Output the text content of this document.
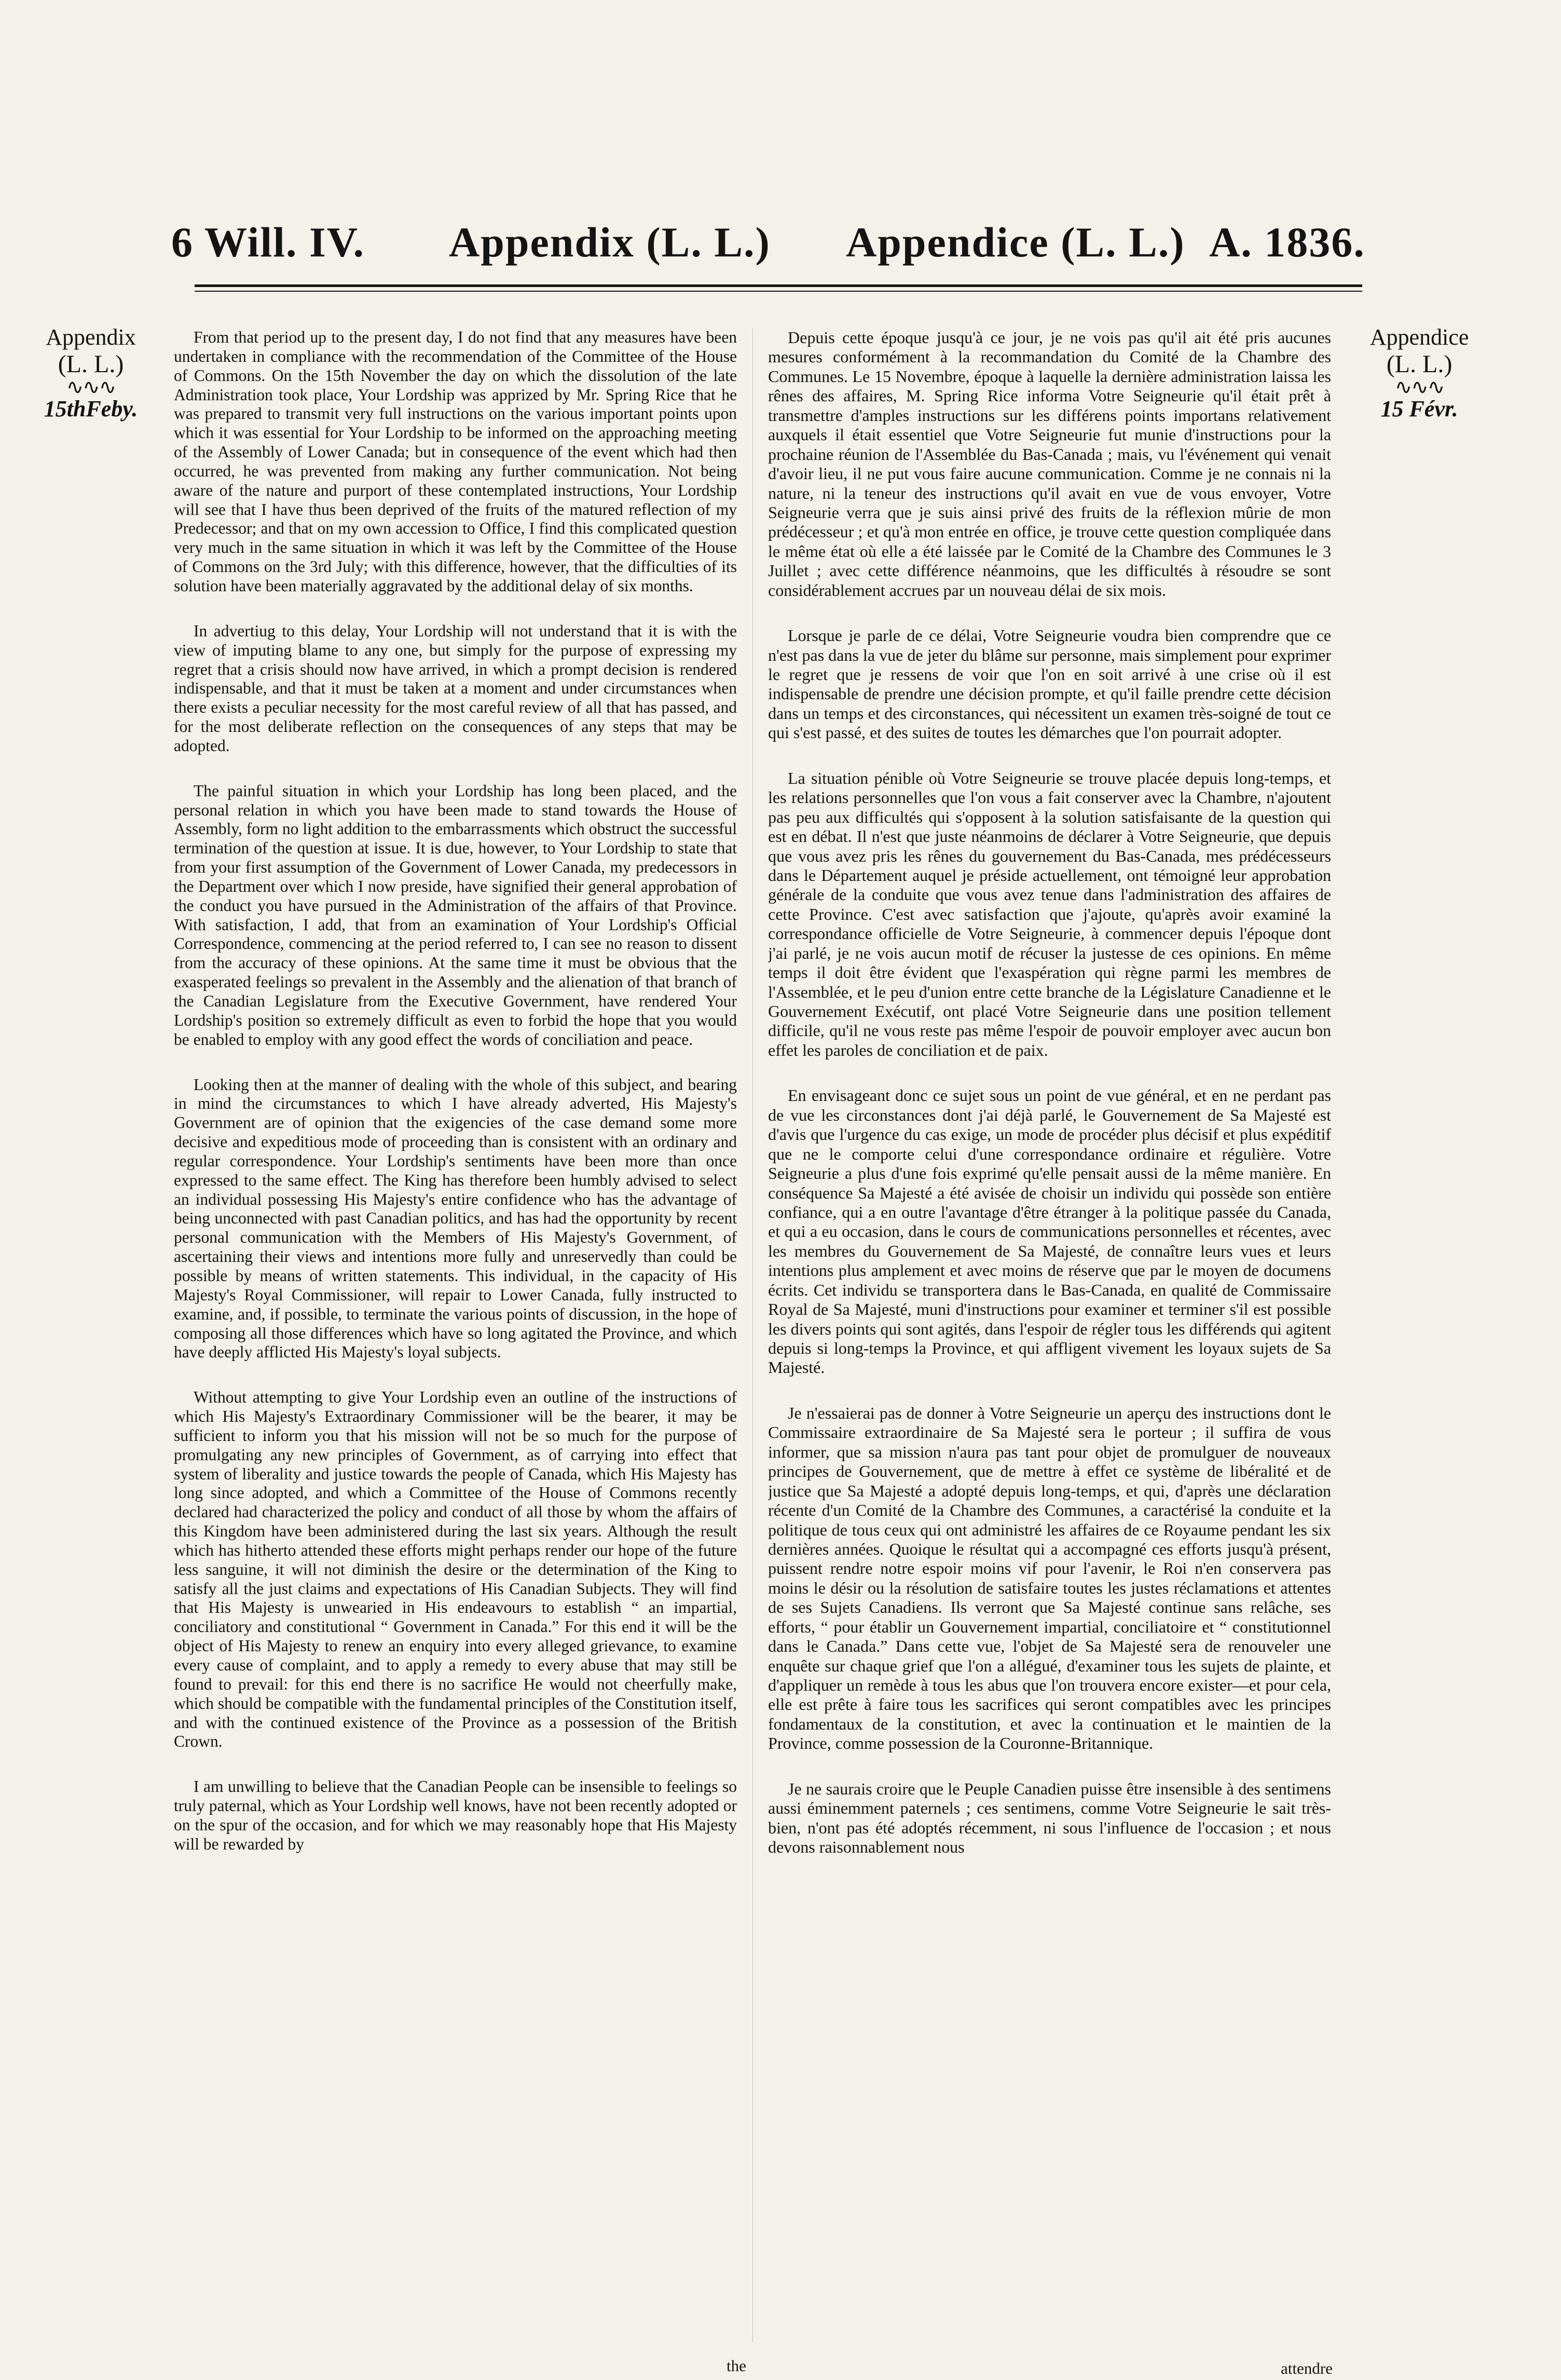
6 Will. IV. Appendix (L. L.) Appendice (L. L.) A. 1836.
Appendix
(L. L.)
∿∿∿
15thFeby.
Appendice
(L. L.)
∿∿∿
15 Févr.

From that period up to the present day, I do not find that any measures have been undertaken in compliance with the recommendation of the Committee of the House of Commons. On the 15th November the day on which the dissolution of the late Administration took place, Your Lordship was apprized by Mr. Spring Rice that he was prepared to transmit very full instructions on the various important points upon which it was essential for Your Lordship to be informed on the approaching meeting of the Assembly of Lower Canada; but in consequence of the event which had then occurred, he was prevented from making any further communication. Not being aware of the nature and purport of these contemplated instructions, Your Lordship will see that I have thus been deprived of the fruits of the matured reflection of my Predecessor; and that on my own accession to Office, I find this complicated question very much in the same situation in which it was left by the Committee of the House of Commons on the 3rd July; with this difference, however, that the difficulties of its solution have been materially aggravated by the additional delay of six months.

In advertiug to this delay, Your Lordship will not understand that it is with the view of imputing blame to any one, but simply for the purpose of expressing my regret that a crisis should now have arrived, in which a prompt decision is rendered indispensable, and that it must be taken at a moment and under circumstances when there exists a peculiar necessity for the most careful review of all that has passed, and for the most deliberate reflection on the consequences of any steps that may be adopted.

The painful situation in which your Lordship has long been placed, and the personal relation in which you have been made to stand towards the House of Assembly, form no light addition to the embarrassments which obstruct the successful termination of the question at issue. It is due, however, to Your Lordship to state that from your first assumption of the Government of Lower Canada, my predecessors in the Department over which I now preside, have signified their general approbation of the conduct you have pursued in the Administration of the affairs of that Province. With satisfaction, I add, that from an examination of Your Lordship's Official Correspondence, commencing at the period referred to, I can see no reason to dissent from the accuracy of these opinions. At the same time it must be obvious that the exasperated feelings so prevalent in the Assembly and the alienation of that branch of the Canadian Legislature from the Executive Government, have rendered Your Lordship's position so extremely difficult as even to forbid the hope that you would be enabled to employ with any good effect the words of conciliation and peace.

Looking then at the manner of dealing with the whole of this subject, and bearing in mind the circumstances to which I have already adverted, His Majesty's Government are of opinion that the exigencies of the case demand some more decisive and expeditious mode of proceeding than is consistent with an ordinary and regular correspondence. Your Lordship's sentiments have been more than once expressed to the same effect. The King has therefore been humbly advised to select an individual possessing His Majesty's entire confidence who has the advantage of being unconnected with past Canadian politics, and has had the opportunity by recent personal communication with the Members of His Majesty's Government, of ascertaining their views and intentions more fully and unreservedly than could be possible by means of written statements. This individual, in the capacity of His Majesty's Royal Commissioner, will repair to Lower Canada, fully instructed to examine, and, if possible, to terminate the various points of discussion, in the hope of composing all those differences which have so long agitated the Province, and which have deeply afflicted His Majesty's loyal subjects.

Without attempting to give Your Lordship even an outline of the instructions of which His Majesty's Extraordinary Commissioner will be the bearer, it may be sufficient to inform you that his mission will not be so much for the purpose of promulgating any new principles of Government, as of carrying into effect that system of liberality and justice towards the people of Canada, which His Majesty has long since adopted, and which a Committee of the House of Commons recently declared had characterized the policy and conduct of all those by whom the affairs of this Kingdom have been administered during the last six years. Although the result which has hitherto attended these efforts might perhaps render our hope of the future less sanguine, it will not diminish the desire or the determination of the King to satisfy all the just claims and expectations of His Canadian Subjects. They will find that His Majesty is unwearied in His endeavours to establish “ an impartial, conciliatory and constitutional “ Government in Canada.” For this end it will be the object of His Majesty to renew an enquiry into every alleged grievance, to examine every cause of complaint, and to apply a remedy to every abuse that may still be found to prevail: for this end there is no sacrifice He would not cheerfully make, which should be compatible with the fundamental principles of the Constitution itself, and with the continued existence of the Province as a possession of the British Crown.

I am unwilling to believe that the Canadian People can be insensible to feelings so truly paternal, which as Your Lordship well knows, have not been recently adopted or on the spur of the occasion, and for which we may reasonably hope that His Majesty will be rewarded by

the

Depuis cette époque jusqu'à ce jour, je ne vois pas qu'il ait été pris aucunes mesures conformément à la recommandation du Comité de la Chambre des Communes. Le 15 Novembre, époque à laquelle la dernière administration laissa les rênes des affaires, M. Spring Rice informa Votre Seigneurie qu'il était prêt à transmettre d'amples instructions sur les différens points importans relativement auxquels il était essentiel que Votre Seigneurie fut munie d'instructions pour la prochaine réunion de l'Assemblée du Bas-Canada ; mais, vu l'événement qui venait d'avoir lieu, il ne put vous faire aucune communication. Comme je ne connais ni la nature, ni la teneur des instructions qu'il avait en vue de vous envoyer, Votre Seigneurie verra que je suis ainsi privé des fruits de la réflexion mûrie de mon prédécesseur ; et qu'à mon entrée en office, je trouve cette question compliquée dans le même état où elle a été laissée par le Comité de la Chambre des Communes le 3 Juillet ; avec cette différence néanmoins, que les difficultés à résoudre se sont considérablement accrues par un nouveau délai de six mois.

Lorsque je parle de ce délai, Votre Seigneurie voudra bien comprendre que ce n'est pas dans la vue de jeter du blâme sur personne, mais simplement pour exprimer le regret que je ressens de voir que l'on en soit arrivé à une crise où il est indispensable de prendre une décision prompte, et qu'il faille prendre cette décision dans un temps et des circonstances, qui nécessitent un examen très-soigné de tout ce qui s'est passé, et des suites de toutes les démarches que l'on pourrait adopter.

La situation pénible où Votre Seigneurie se trouve placée depuis long-temps, et les relations personnelles que l'on vous a fait conserver avec la Chambre, n'ajoutent pas peu aux difficultés qui s'opposent à la solution satisfaisante de la question qui est en débat. Il n'est que juste néanmoins de déclarer à Votre Seigneurie, que depuis que vous avez pris les rênes du gouvernement du Bas-Canada, mes prédécesseurs dans le Département auquel je préside actuellement, ont témoigné leur approbation générale de la conduite que vous avez tenue dans l'administration des affaires de cette Province. C'est avec satisfaction que j'ajoute, qu'après avoir examiné la correspondance officielle de Votre Seigneurie, à commencer depuis l'époque dont j'ai parlé, je ne vois aucun motif de récuser la justesse de ces opinions. En même temps il doit être évident que l'exaspération qui règne parmi les membres de l'Assemblée, et le peu d'union entre cette branche de la Législature Canadienne et le Gouvernement Exécutif, ont placé Votre Seigneurie dans une position tellement difficile, qu'il ne vous reste pas même l'espoir de pouvoir employer avec aucun bon effet les paroles de conciliation et de paix.

En envisageant donc ce sujet sous un point de vue général, et en ne perdant pas de vue les circonstances dont j'ai déjà parlé, le Gouvernement de Sa Majesté est d'avis que l'urgence du cas exige, un mode de procéder plus décisif et plus expéditif que ne le comporte celui d'une correspondance ordinaire et régulière. Votre Seigneurie a plus d'une fois exprimé qu'elle pensait aussi de la même manière. En conséquence Sa Majesté a été avisée de choisir un individu qui possède son entière confiance, qui a en outre l'avantage d'être étranger à la politique passée du Canada, et qui a eu occasion, dans le cours de communications personnelles et récentes, avec les membres du Gouvernement de Sa Majesté, de connaître leurs vues et leurs intentions plus amplement et avec moins de réserve que par le moyen de documens écrits. Cet individu se transportera dans le Bas-Canada, en qualité de Commissaire Royal de Sa Majesté, muni d'instructions pour examiner et terminer s'il est possible les divers points qui sont agités, dans l'espoir de régler tous les différends qui agitent depuis si long-temps la Province, et qui affligent vivement les loyaux sujets de Sa Majesté.

Je n'essaierai pas de donner à Votre Seigneurie un aperçu des instructions dont le Commissaire extraordinaire de Sa Majesté sera le porteur ; il suffira de vous informer, que sa mission n'aura pas tant pour objet de promulguer de nouveaux principes de Gouvernement, que de mettre à effet ce système de libéralité et de justice que Sa Majesté a adopté depuis long-temps, et qui, d'après une déclaration récente d'un Comité de la Chambre des Communes, a caractérisé la conduite et la politique de tous ceux qui ont administré les affaires de ce Royaume pendant les six dernières années. Quoique le résultat qui a accompagné ces efforts jusqu'à présent, puissent rendre notre espoir moins vif pour l'avenir, le Roi n'en conservera pas moins le désir ou la résolution de satisfaire toutes les justes réclamations et attentes de ses Sujets Canadiens. Ils verront que Sa Majesté continue sans relâche, ses efforts, “ pour établir un Gouvernement impartial, conciliatoire et “ constitutionnel dans le Canada.” Dans cette vue, l'objet de Sa Majesté sera de renouveler une enquête sur chaque grief que l'on a allégué, d'examiner tous les sujets de plainte, et d'appliquer un remède à tous les abus que l'on trouvera encore exister—et pour cela, elle est prête à faire tous les sacrifices qui seront compatibles avec les principes fondamentaux de la constitution, et avec la continuation et le maintien de la Province, comme possession de la Couronne-Britannique.

Je ne saurais croire que le Peuple Canadien puisse être insensible à des sentimens aussi éminemment paternels ; ces sentimens, comme Votre Seigneurie le sait très-bien, n'ont pas été adoptés récemment, ni sous l'influence de l'occasion ; et nous devons raisonnablement nous

attendre
